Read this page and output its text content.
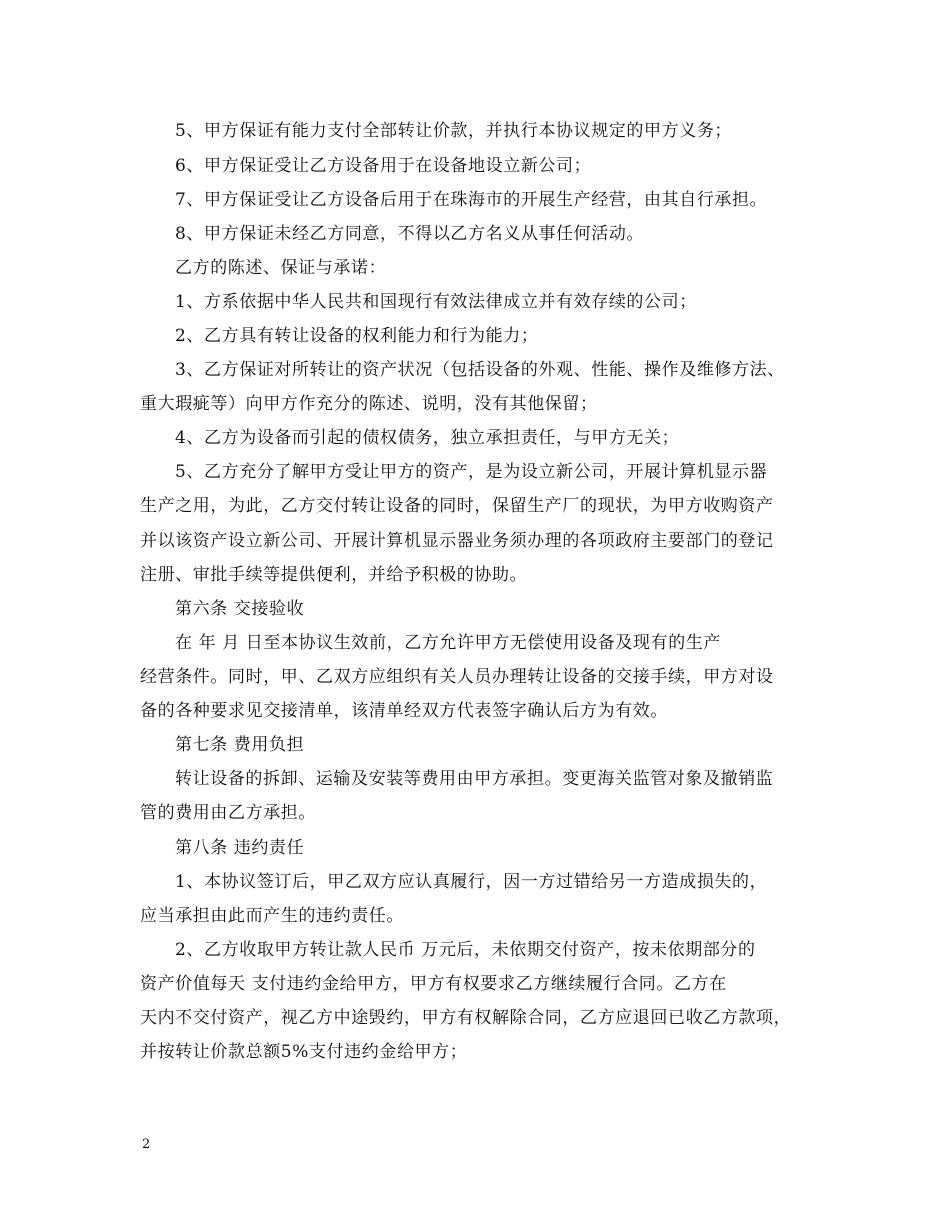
5、甲方保证有能力支付全部转让价款，并执行本协议规定的甲方义务；
6、甲方保证受让乙方设备用于在设备地设立新公司；
7、甲方保证受让乙方设备后用于在珠海市的开展生产经营，由其自行承担。
8、甲方保证未经乙方同意，不得以乙方名义从事任何活动。
乙方的陈述、保证与承诺：
1、方系依据中华人民共和国现行有效法律成立并有效存续的公司；
2、乙方具有转让设备的权利能力和行为能力；
3、乙方保证对所转让的资产状况（包括设备的外观、性能、操作及维修方法、
重大瑕疵等）向甲方作充分的陈述、说明，没有其他保留；
4、乙方为设备而引起的债权债务，独立承担责任，与甲方无关；
5、乙方充分了解甲方受让甲方的资产，是为设立新公司，开展计算机显示器
生产之用，为此，乙方交付转让设备的同时，保留生产厂的现状，为甲方收购资产
并以该资产设立新公司、开展计算机显示器业务须办理的各项政府主要部门的登记
注册、审批手续等提供便利，并给予积极的协助。
第六条 交接验收
在 年 月 日至本协议生效前，乙方允许甲方无偿使用设备及现有的生产
经营条件。同时，甲、乙双方应组织有关人员办理转让设备的交接手续，甲方对设
备的各种要求见交接清单，该清单经双方代表签字确认后方为有效。
第七条 费用负担
转让设备的拆卸、运输及安装等费用由甲方承担。变更海关监管对象及撤销监
管的费用由乙方承担。
第八条 违约责任
1、本协议签订后，甲乙双方应认真履行，因一方过错给另一方造成损失的，
应当承担由此而产生的违约责任。
2、乙方收取甲方转让款人民币 万元后，未依期交付资产，按未依期部分的
资产价值每天 支付违约金给甲方，甲方有权要求乙方继续履行合同。乙方在
天内不交付资产，视乙方中途毁约，甲方有权解除合同，乙方应退回已收乙方款项，
并按转让价款总额5%支付违约金给甲方；
2
